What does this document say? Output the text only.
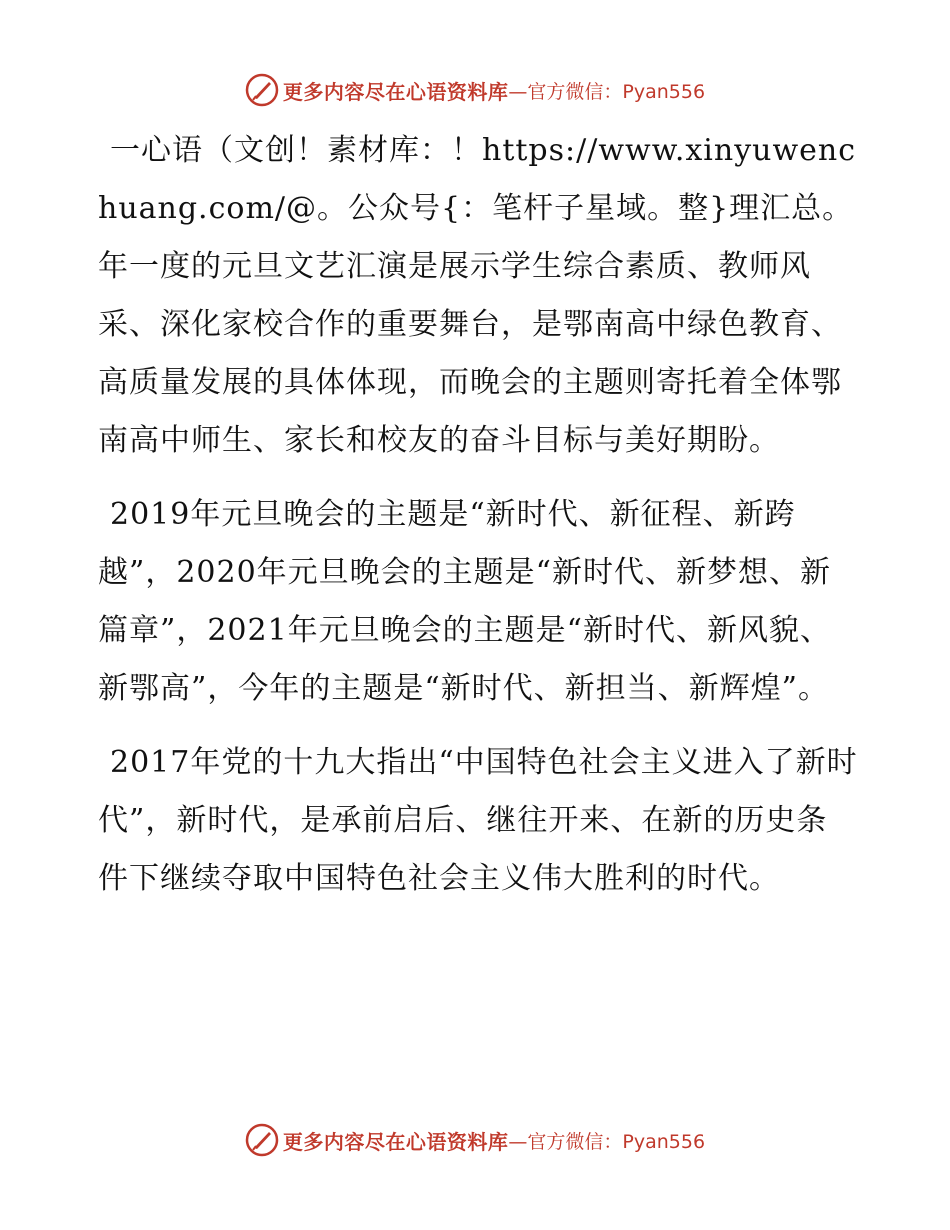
更多内容尽在心语资料库 —官方微信：Pyan556

一心语（文创！素材库：！https://www.xinyuwenchuang.com/@。公众号{：笔杆子星域。整}理汇总。年一度的元旦文艺汇演是展示学生综合素质、教师风采、深化家校合作的重要舞台，是鄂南高中绿色教育、高质量发展的具体体现，而晚会的主题则寄托着全体鄂南高中师生、家长和校友的奋斗目标与美好期盼。

2019年元旦晚会的主题是“新时代、新征程、新跨越”，2020年元旦晚会的主题是“新时代、新梦想、新篇章”，2021年元旦晚会的主题是“新时代、新风貌、新鄂高”，今年的主题是“新时代、新担当、新辉煌”。

2017年党的十九大指出“中国特色社会主义进入了新时代”，新时代，是承前启后、继往开来、在新的历史条件下继续夺取中国特色社会主义伟大胜利的时代。

更多内容尽在心语资料库 —官方微信：Pyan556
